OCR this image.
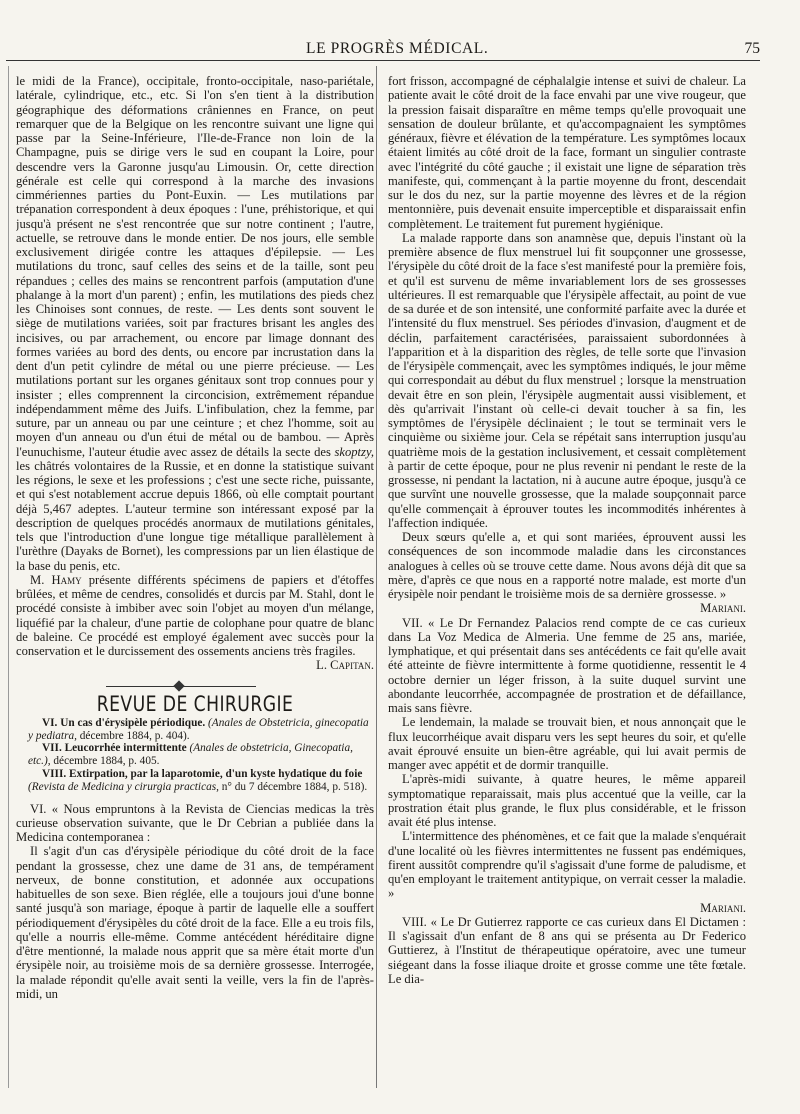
LE PROGRÈS MÉDICAL.	75

le midi de la France), occipitale, fronto-occipitale, naso-pariétale, latérale, cylindrique, etc., etc. Si l'on s'en tient à la distribution géographique des déformations crâniennes en France, on peut remarquer que de la Belgique on les rencontre suivant une ligne qui passe par la Seine-Inférieure, l'Ile-de-France non loin de la Champagne, puis se dirige vers le sud en coupant la Loire, pour descendre vers la Garonne jusqu'au Limousin. Or, cette direction générale est celle qui correspond à la marche des invasions cimmériennes parties du Pont-Euxin. — Les mutilations par trépanation correspondent à deux époques : l'une, préhistorique, et qui jusqu'à présent ne s'est rencontrée que sur notre continent ; l'autre, actuelle, se retrouve dans le monde entier. De nos jours, elle semble exclusivement dirigée contre les attaques d'épilepsie. — Les mutilations du tronc, sauf celles des seins et de la taille, sont peu répandues ; celles des mains se rencontrent parfois (amputation d'une phalange à la mort d'un parent) ; enfin, les mutilations des pieds chez les Chinoises sont connues, de reste. — Les dents sont souvent le siège de mutilations variées, soit par fractures brisant les angles des incisives, ou par arrachement, ou encore par limage donnant des formes variées au bord des dents, ou encore par incrustation dans la dent d'un petit cylindre de métal ou une pierre précieuse. — Les mutilations portant sur les organes génitaux sont trop connues pour y insister ; elles comprennent la circoncision, extrêmement répandue indépendamment même des Juifs. L'infibulation, chez la femme, par suture, par un anneau ou par une ceinture ; et chez l'homme, soit au moyen d'un anneau ou d'un étui de métal ou de bambou. — Après l'eunuchisme, l'auteur étudie avec assez de détails la secte des skoptzy, les châtrés volontaires de la Russie, et en donne la statistique suivant les régions, le sexe et les professions ; c'est une secte riche, puissante, et qui s'est notablement accrue depuis 1866, où elle comptait pourtant déjà 5,467 adeptes. L'auteur termine son intéressant exposé par la description de quelques procédés anormaux de mutilations génitales, tels que l'introduction d'une longue tige métallique parallèlement à l'urèthre (Dayaks de Bornet), les compressions par un lien élastique de la base du penis, etc.

M. Hamy présente différents spécimens de papiers et d'étoffes brûlées, et même de cendres, consolidés et durcis par M. Stahl, dont le procédé consiste à imbiber avec soin l'objet au moyen d'un mélange, liquéfié par la chaleur, d'une partie de colophane pour quatre de blanc de baleine. Ce procédé est employé également avec succès pour la conservation et le durcissement des ossements anciens très fragiles.

L. Capitan.

REVUE DE CHIRURGIE

VI. Un cas d'érysipèle périodique. (Anales de Obstetricia, ginecopatia y pediatra, décembre 1884, p. 404).

VII. Leucorrhée intermittente (Anales de obstetricia, Ginecopatia, etc.), décembre 1884, p. 405.

VIII. Extirpation, par la laparotomie, d'un kyste hydatique du foie (Revista de Medicina y cirurgia practicas, n° du 7 décembre 1884, p. 518).

VI. « Nous empruntons à la Revista de Ciencias medicas la très curieuse observation suivante, que le Dr Cebrian a publiée dans la Medicina contemporanea :

Il s'agit d'un cas d'érysipèle périodique du côté droit de la face pendant la grossesse, chez une dame de 31 ans, de tempérament nerveux, de bonne constitution, et adonnée aux occupations habituelles de son sexe. Bien réglée, elle a toujours joui d'une bonne santé jusqu'à son mariage, époque à partir de laquelle elle a souffert périodiquement d'érysipèles du côté droit de la face. Elle a eu trois fils, qu'elle a nourris elle-même. Comme antécédent héréditaire digne d'être mentionné, la malade nous apprit que sa mère était morte d'un érysipèle noir, au troisième mois de sa dernière grossesse. Interrogée, la malade répondit qu'elle avait senti la veille, vers la fin de l'après-midi, un

fort frisson, accompagné de céphalalgie intense et suivi de chaleur. La patiente avait le côté droit de la face envahi par une vive rougeur, que la pression faisait disparaître en même temps qu'elle provoquait une sensation de douleur brûlante, et qu'accompagnaient les symptômes généraux, fièvre et élévation de la température. Les symptômes locaux étaient limités au côté droit de la face, formant un singulier contraste avec l'intégrité du côté gauche ; il existait une ligne de séparation très manifeste, qui, commençant à la partie moyenne du front, descendait sur le dos du nez, sur la partie moyenne des lèvres et de la région mentonnière, puis devenait ensuite imperceptible et disparaissait enfin complètement. Le traitement fut purement hygiénique.

La malade rapporte dans son anamnèse que, depuis l'instant où la première absence de flux menstruel lui fit soupçonner une grossesse, l'érysipèle du côté droit de la face s'est manifesté pour la première fois, et qu'il est survenu de même invariablement lors de ses grossesses ultérieures. Il est remarquable que l'érysipèle affectait, au point de vue de sa durée et de son intensité, une conformité parfaite avec la durée et l'intensité du flux menstruel. Ses périodes d'invasion, d'augment et de déclin, parfaitement caractérisées, paraissaient subordonnées à l'apparition et à la disparition des règles, de telle sorte que l'invasion de l'érysipèle commençait, avec les symptômes indiqués, le jour même qui correspondait au début du flux menstruel ; lorsque la menstruation devait être en son plein, l'érysipèle augmentait aussi visiblement, et dès qu'arrivait l'instant où celle-ci devait toucher à sa fin, les symptômes de l'érysipèle déclinaient ; le tout se terminait vers le cinquième ou sixième jour. Cela se répétait sans interruption jusqu'au quatrième mois de la gestation inclusivement, et cessait complètement à partir de cette époque, pour ne plus revenir ni pendant le reste de la grossesse, ni pendant la lactation, ni à aucune autre époque, jusqu'à ce que survînt une nouvelle grossesse, que la malade soupçonnait parce qu'elle commençait à éprouver toutes les incommodités inhérentes à l'affection indiquée.

Deux sœurs qu'elle a, et qui sont mariées, éprouvent aussi les conséquences de son incommode maladie dans les circonstances analogues à celles où se trouve cette dame. Nous avons déjà dit que sa mère, d'après ce que nous en a rapporté notre malade, est morte d'un érysipèle noir pendant le troisième mois de sa dernière grossesse. »

Mariani.

VII. « Le Dr Fernandez Palacios rend compte de ce cas curieux dans La Voz Medica de Almeria. Une femme de 25 ans, mariée, lymphatique, et qui présentait dans ses antécédents ce fait qu'elle avait été atteinte de fièvre intermittente à forme quotidienne, ressentit le 4 octobre dernier un léger frisson, à la suite duquel survint une abondante leucorrhée, accompagnée de prostration et de défaillance, mais sans fièvre.

Le lendemain, la malade se trouvait bien, et nous annonçait que le flux leucorrhéique avait disparu vers les sept heures du soir, et qu'elle avait éprouvé ensuite un bien-être agréable, qui lui avait permis de manger avec appétit et de dormir tranquille.

L'après-midi suivante, à quatre heures, le même appareil symptomatique reparaissait, mais plus accentué que la veille, car la prostration était plus grande, le flux plus considérable, et le frisson avait été plus intense.

L'intermittence des phénomènes, et ce fait que la malade s'enquérait d'une localité où les fièvres intermittentes ne fussent pas endémiques, firent aussitôt comprendre qu'il s'agissait d'une forme de paludisme, et qu'en employant le traitement antitypique, on verrait cesser la maladie. »

Mariani.

VIII. « Le Dr Gutierrez rapporte ce cas curieux dans El Dictamen : Il s'agissait d'un enfant de 8 ans qui se présenta au Dr Federico Guttierez, à l'Institut de thérapeutique opératoire, avec une tumeur siégeant dans la fosse iliaque droite et grosse comme une tête fœtale. Le dia-
